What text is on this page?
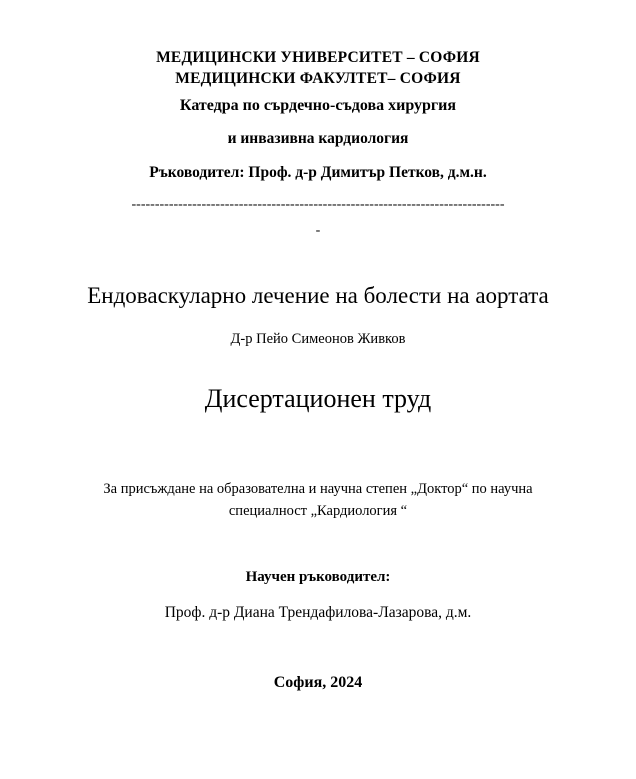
МЕДИЦИНСКИ УНИВЕРСИТЕТ – СОФИЯ
МЕДИЦИНСКИ ФАКУЛТЕТ– СОФИЯ
Катедра по сърдечно-съдова хирургия
и инвазивна кардиология
Ръководител: Проф. д-р Димитър Петков, д.м.н.
--------------------------------------------------------------------------------
-
Ендоваскуларно лечение на болести на аортата
Д-р Пейо Симеонов Живков
Дисертационен труд
За присъждане на образователна и научна степен „Доктор“ по научна
специалност „Кардиология “
Научен ръководител:
Проф. д-р Диана Трендафилова-Лазарова, д.м.
София, 2024
